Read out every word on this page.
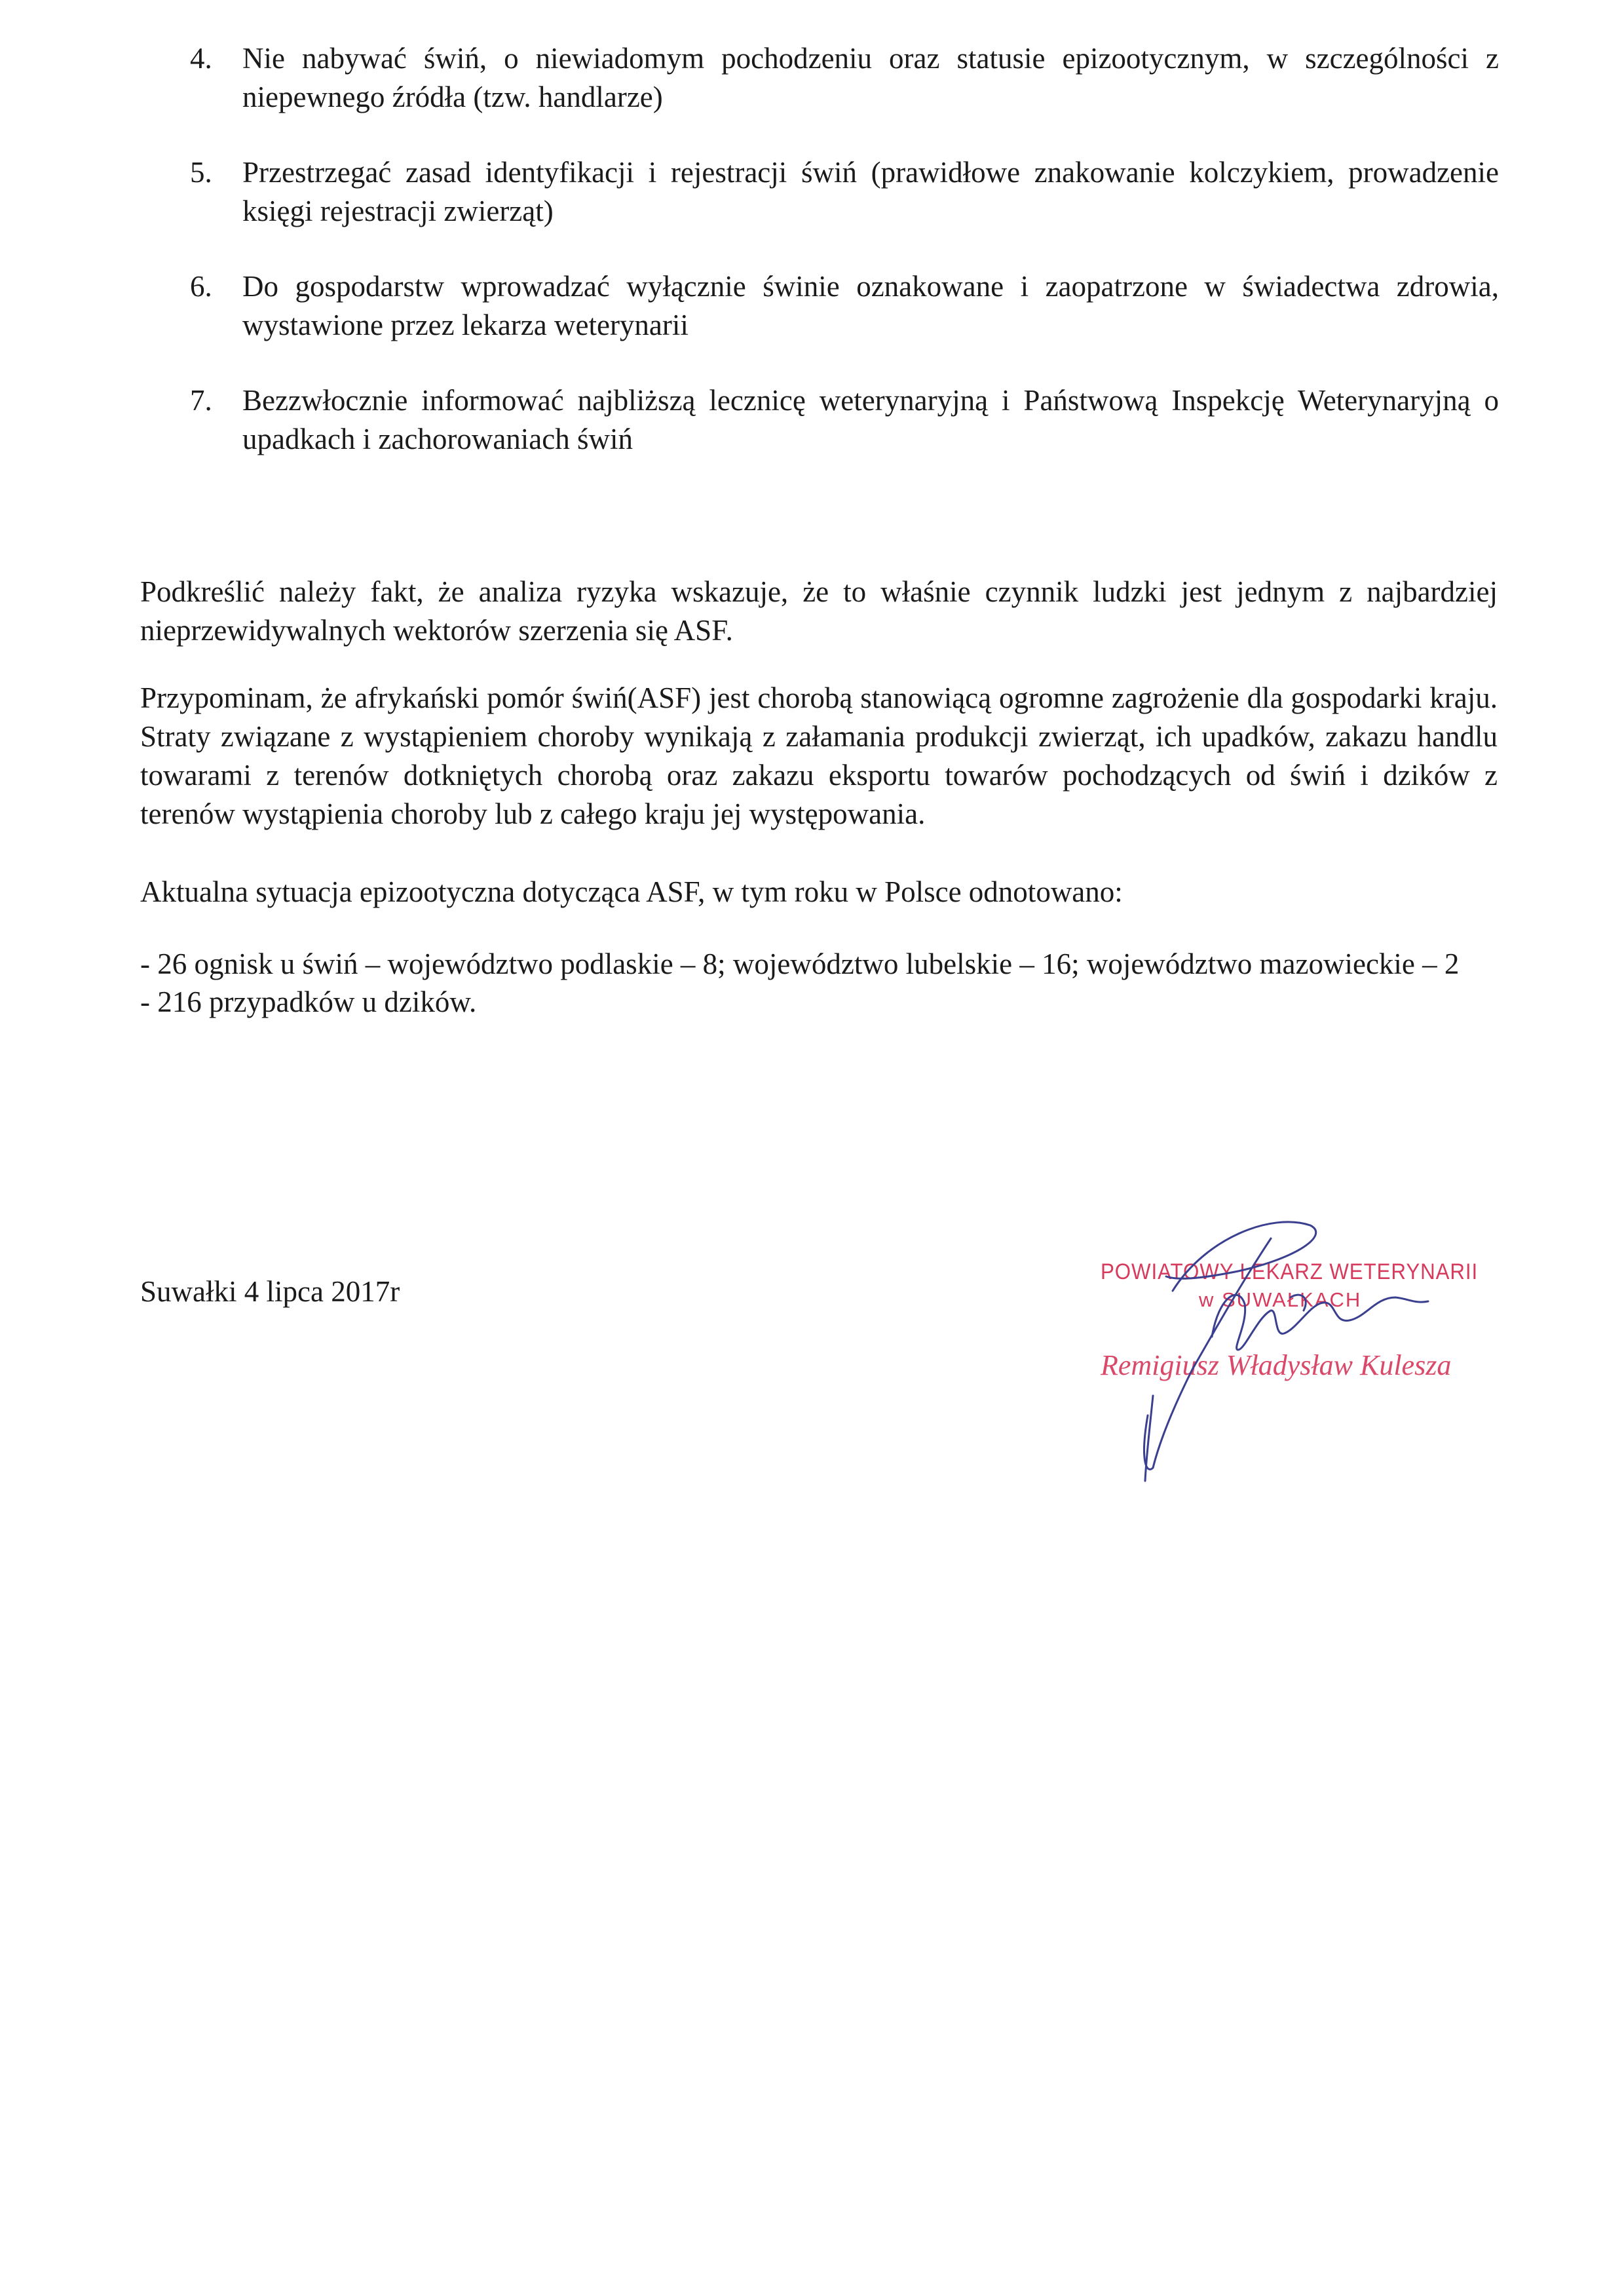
4. Nie nabywać świń, o niewiadomym pochodzeniu oraz statusie epizootycznym, w szczególności z niepewnego źródła (tzw. handlarze)
5. Przestrzegać zasad identyfikacji i rejestracji świń (prawidłowe znakowanie kolczykiem, prowadzenie księgi rejestracji zwierząt)
6. Do gospodarstw wprowadzać wyłącznie świnie oznakowane i zaopatrzone w świadectwa zdrowia, wystawione przez lekarza weterynarii
7. Bezzwłocznie informować najbliższą lecznicę weterynaryjną i Państwową Inspekcję Weterynaryjną o upadkach i zachorowaniach świń

Podkreślić należy fakt, że analiza ryzyka wskazuje, że to właśnie czynnik ludzki jest jednym z najbardziej nieprzewidywalnych wektorów szerzenia się ASF.

Przypominam, że afrykański pomór świń(ASF) jest chorobą stanowiącą ogromne zagrożenie dla gospodarki kraju. Straty związane z wystąpieniem choroby wynikają z załamania produkcji zwierząt, ich upadków, zakazu handlu towarami z terenów dotkniętych chorobą oraz zakazu eksportu towarów pochodzących od świń i dzików z terenów wystąpienia choroby lub z całego kraju jej występowania.

Aktualna sytuacja epizootyczna dotycząca ASF, w tym roku w Polsce odnotowano:

- 26 ognisk u świń – województwo podlaskie – 8; województwo lubelskie – 16; województwo mazowieckie – 2
- 216 przypadków u dzików.

Suwałki 4 lipca 2017r

POWIATOWY LEKARZ WETERYNARII
w SUWAŁKACH
Remigiusz Władysław Kulesza
